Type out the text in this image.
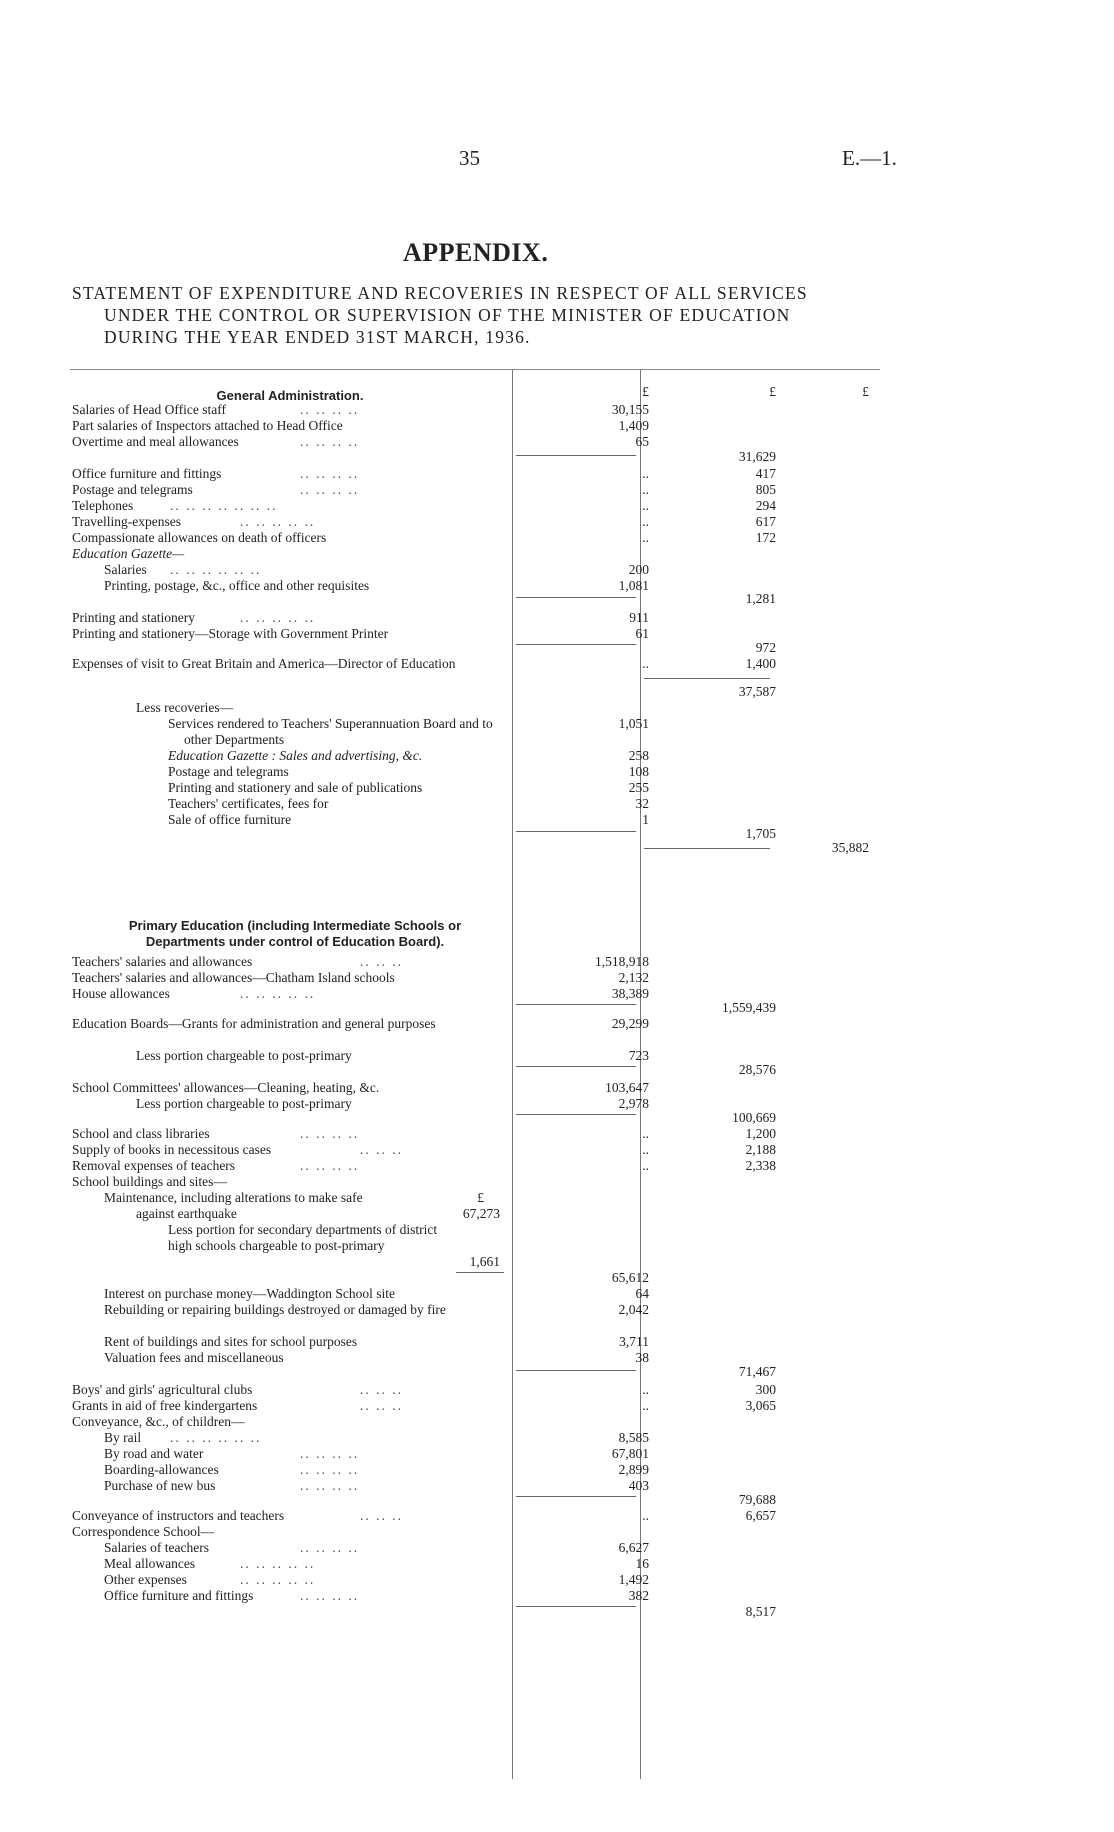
35	E.—1.
APPENDIX.
STATEMENT OF EXPENDITURE AND RECOVERIES IN RESPECT OF ALL SERVICES
UNDER THE CONTROL OR SUPERVISION OF THE MINISTER OF EDUCATION
DURING THE YEAR ENDED 31ST MARCH, 1936.
£	£	£
General Administration.
Salaries of Head Office staff	30,155
Part salaries of Inspectors attached to Head Office	1,409
Overtime and meal allowances	65
31,629
Office furniture and fittings	..	417
Postage and telegrams	..	805
Telephones	..	294
Travelling-expenses	..	617
Compassionate allowances on death of officers	..	172
Education Gazette—
Salaries	200
Printing, postage, &c., office and other requisites	1,081
1,281
Printing and stationery	911
Printing and stationery—Storage with Government Printer	61
972
Expenses of visit to Great Britain and America—Director of Education	..	1,400
37,587
Less recoveries—
Services rendered to Teachers' Superannuation Board and to other Departments
1,051
Education Gazette : Sales and advertising, &c.	258
Postage and telegrams	108
Printing and stationery and sale of publications	255
Teachers' certificates, fees for	32
Sale of office furniture	1
1,705
35,882
Primary Education (including Intermediate Schools or Departments under control of Education Board).
Teachers' salaries and allowances	1,518,918
Teachers' salaries and allowances—Chatham Island schools	2,132
House allowances	38,389
1,559,439
Education Boards—Grants for administration and general purposes	29,299
Less portion chargeable to post-primary	723
28,576
School Committees' allowances—Cleaning, heating, &c.	103,647
Less portion chargeable to post-primary	2,978
100,669
School and class libraries	..	1,200
Supply of books in necessitous cases	..	2,188
Removal expenses of teachers	..	2,338
School buildings and sites—
Maintenance, including alterations to make safe	£
against earthquake	67,273
Less portion for secondary departments of district high schools chargeable to post-primary
1,661
65,612
Interest on purchase money—Waddington School site	64
Rebuilding or repairing buildings destroyed or damaged by fire	2,042
Rent of buildings and sites for school purposes	3,711
Valuation fees and miscellaneous	38
71,467
Boys' and girls' agricultural clubs	..	300
Grants in aid of free kindergartens	..	3,065
Conveyance, &c., of children—
By rail	8,585
By road and water	67,801
Boarding-allowances	2,899
Purchase of new bus	403
79,688
Conveyance of instructors and teachers	..	6,657
Correspondence School—
Salaries of teachers	6,627
Meal allowances	16
Other expenses	1,492
Office furniture and fittings	382
8,517
.. .. .. ..
.. .. .. ..
.. .. .. ..
.. .. .. ..
.. .. .. .. .. .. ..
.. .. .. .. ..
.. .. .. .. .. ..
.. .. .. .. ..
.. .. ..
.. .. .. .. ..
.. .. .. ..
.. .. ..
.. .. .. ..
.. .. ..
.. .. ..
.. .. .. .. .. ..
.. .. .. ..
.. .. .. ..
.. .. .. ..
.. .. ..
.. .. .. ..
.. .. .. .. ..
.. .. .. .. ..
.. .. .. ..
